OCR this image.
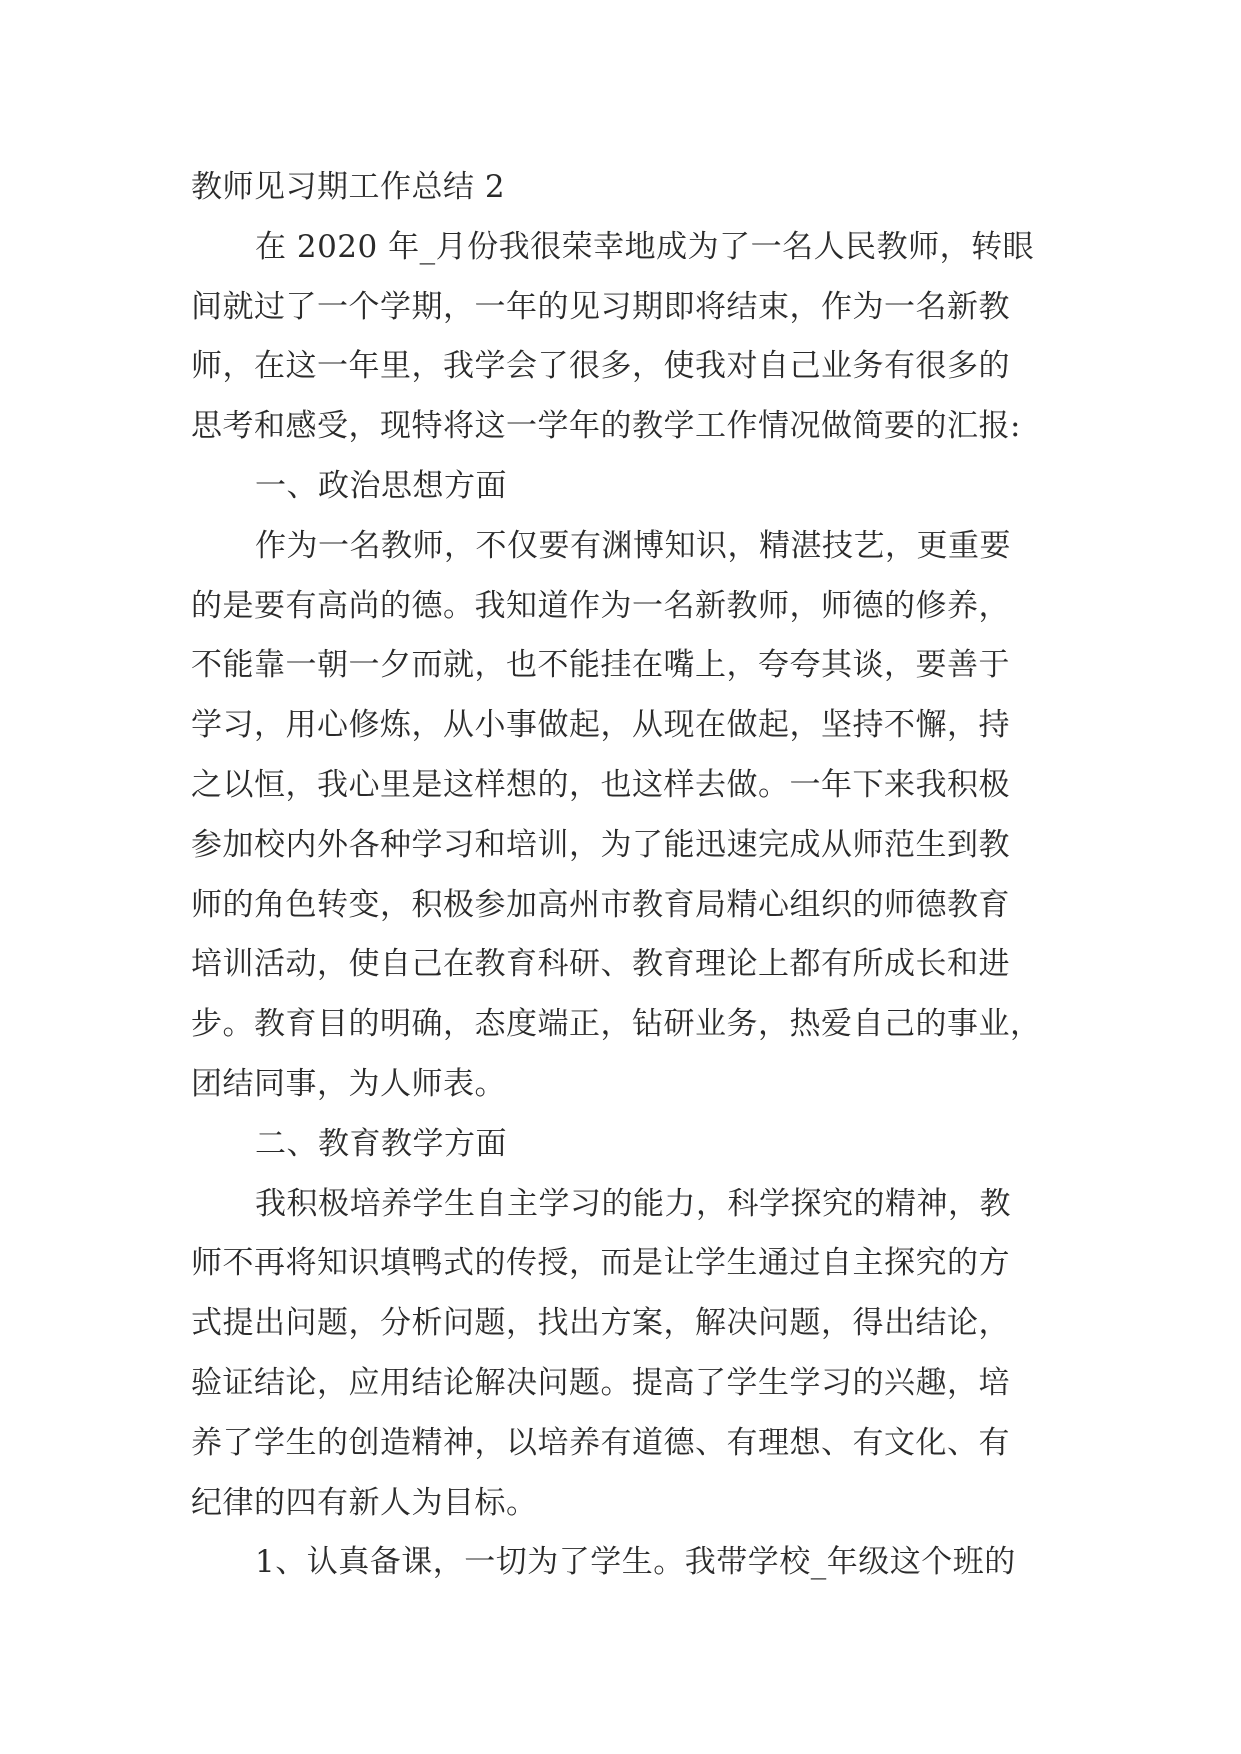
教师见习期工作总结 2
在 2020 年_月份我很荣幸地成为了一名人民教师，转眼
间就过了一个学期，一年的见习期即将结束，作为一名新教
师，在这一年里，我学会了很多，使我对自己业务有很多的
思考和感受，现特将这一学年的教学工作情况做简要的汇报:
一、政治思想方面
作为一名教师，不仅要有渊博知识，精湛技艺，更重要
的是要有高尚的德。我知道作为一名新教师，师德的修养，
不能靠一朝一夕而就，也不能挂在嘴上，夸夸其谈，要善于
学习，用心修炼，从小事做起，从现在做起，坚持不懈，持
之以恒，我心里是这样想的，也这样去做。一年下来我积极
参加校内外各种学习和培训，为了能迅速完成从师范生到教
师的角色转变，积极参加高州市教育局精心组织的师德教育
培训活动，使自己在教育科研、教育理论上都有所成长和进
步。教育目的明确，态度端正，钻研业务，热爱自己的事业，
团结同事，为人师表。
二、教育教学方面
我积极培养学生自主学习的能力，科学探究的精神，教
师不再将知识填鸭式的传授，而是让学生通过自主探究的方
式提出问题，分析问题，找出方案，解决问题，得出结论，
验证结论，应用结论解决问题。提高了学生学习的兴趣，培
养了学生的创造精神，以培养有道德、有理想、有文化、有
纪律的四有新人为目标。
1、认真备课，一切为了学生。我带学校_年级这个班的
